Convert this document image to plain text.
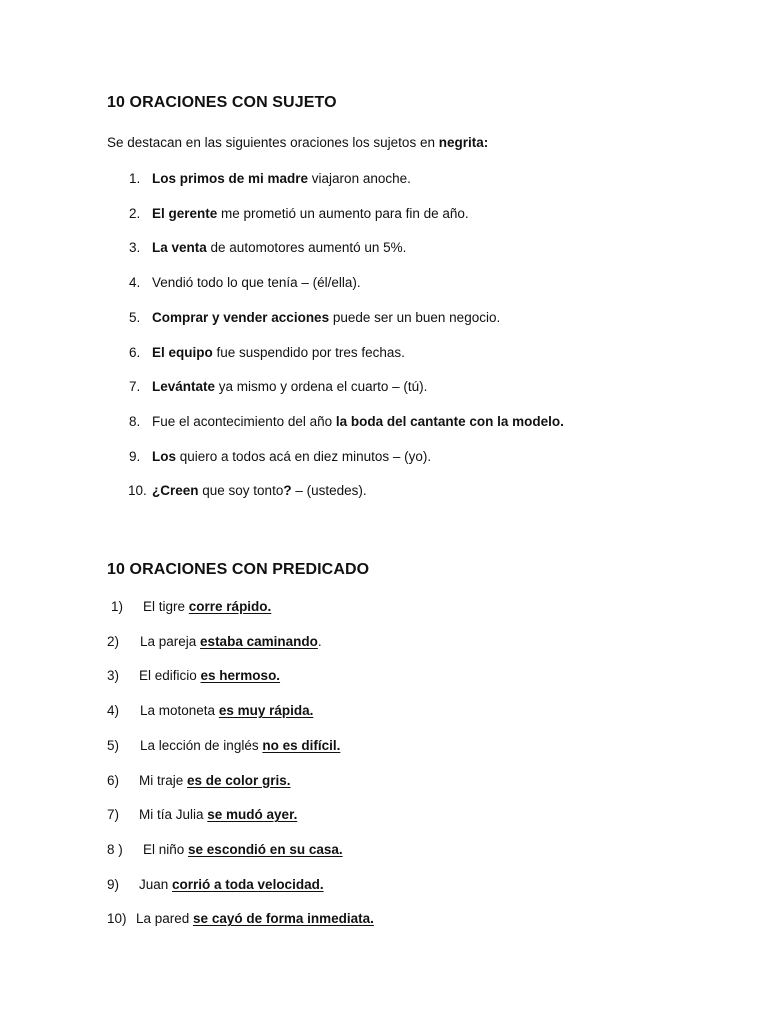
10 ORACIONES CON SUJETO
Se destacan en las siguientes oraciones los sujetos en negrita:
1. Los primos de mi madre viajaron anoche.
2. El gerente me prometió un aumento para fin de año.
3. La venta de automotores aumentó un 5%.
4. Vendió todo lo que tenía – (él/ella).
5. Comprar y vender acciones puede ser un buen negocio.
6. El equipo fue suspendido por tres fechas.
7. Levántate ya mismo y ordena el cuarto – (tú).
8. Fue el acontecimiento del año la boda del cantante con la modelo.
9. Los quiero a todos acá en diez minutos – (yo).
10. ¿Creen que soy tonto? – (ustedes).
10 ORACIONES CON PREDICADO
1) El tigre corre rápido.
2) La pareja estaba caminando.
3) El edificio es hermoso.
4) La motoneta es muy rápida.
5) La lección de inglés no es difícil.
6) Mi traje es de color gris.
7) Mi tía Julia se mudó ayer.
8 ) El niño se escondió en su casa.
9) Juan corrió a toda velocidad.
10) La pared se cayó de forma inmediata.
